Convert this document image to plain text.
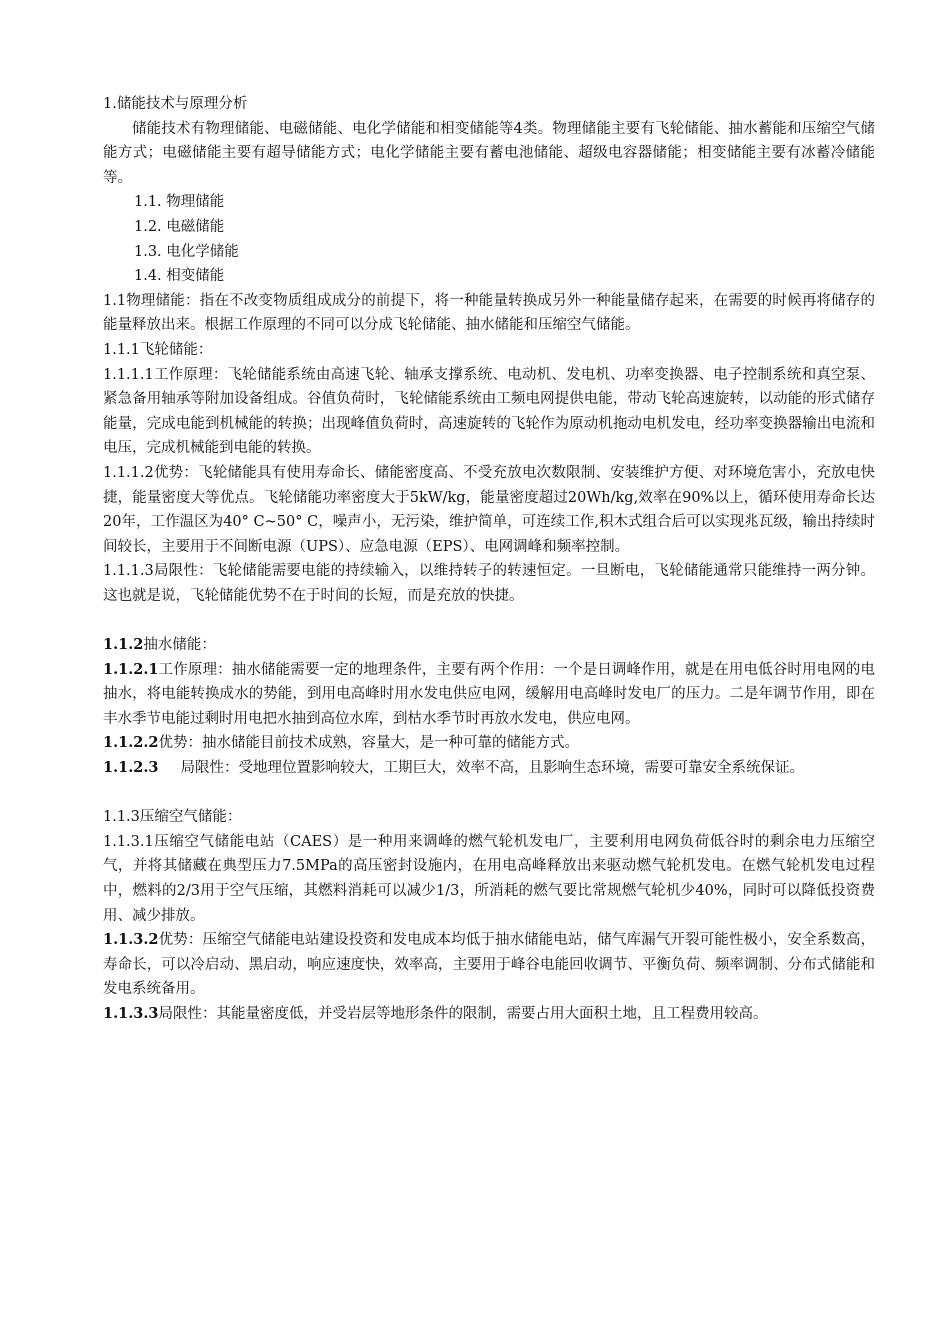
1.储能技术与原理分析

储能技术有物理储能、电磁储能、电化学储能和相变储能等4类。物理储能主要有飞轮储能、抽水蓄能和压缩空气储能方式；电磁储能主要有超导储能方式；电化学储能主要有蓄电池储能、超级电容器储能；相变储能主要有冰蓄冷储能等。

1.1. 物理储能

1.2. 电磁储能

1.3. 电化学储能

1.4. 相变储能

1.1物理储能：指在不改变物质组成成分的前提下，将一种能量转换成另外一种能量储存起来，在需要的时候再将储存的能量释放出来。根据工作原理的不同可以分成飞轮储能、抽水储能和压缩空气储能。

1.1.1飞轮储能：

1.1.1.1工作原理：飞轮储能系统由高速飞轮、轴承支撑系统、电动机、发电机、功率变换器、电子控制系统和真空泵、紧急备用轴承等附加设备组成。谷值负荷时，飞轮储能系统由工频电网提供电能，带动飞轮高速旋转，以动能的形式储存能量，完成电能到机械能的转换；出现峰值负荷时，高速旋转的飞轮作为原动机拖动电机发电，经功率变换器输出电流和电压，完成机械能到电能的转换。

1.1.1.2优势：飞轮储能具有使用寿命长、储能密度高、不受充放电次数限制、安装维护方便、对环境危害小，充放电快捷，能量密度大等优点。飞轮储能功率密度大于5kW/kg，能量密度超过20Wh/kg,效率在90%以上，循环使用寿命长达20年，工作温区为40° C~50° C，噪声小，无污染，维护简单，可连续工作,积木式组合后可以实现兆瓦级，输出持续时间较长，主要用于不间断电源（UPS）、应急电源（EPS）、电网调峰和频率控制。

1.1.1.3局限性：飞轮储能需要电能的持续输入，以维持转子的转速恒定。一旦断电，飞轮储能通常只能维持一两分钟。这也就是说，飞轮储能优势不在于时间的长短，而是充放的快捷。

1.1.2抽水储能：

1.1.2.1工作原理：抽水储能需要一定的地理条件，主要有两个作用：一个是日调峰作用，就是在用电低谷时用电网的电抽水，将电能转换成水的势能，到用电高峰时用水发电供应电网，缓解用电高峰时发电厂的压力。二是年调节作用，即在丰水季节电能过剩时用电把水抽到高位水库，到枯水季节时再放水发电，供应电网。

1.1.2.2优势：抽水储能目前技术成熟，容量大，是一种可靠的储能方式。

1.1.2.3 局限性：受地理位置影响较大，工期巨大，效率不高，且影响生态环境，需要可靠安全系统保证。

1.1.3压缩空气储能：

1.1.3.1压缩空气储能电站（CAES）是一种用来调峰的燃气轮机发电厂，主要利用电网负荷低谷时的剩余电力压缩空气，并将其储藏在典型压力7.5MPa的高压密封设施内，在用电高峰释放出来驱动燃气轮机发电。在燃气轮机发电过程中，燃料的2/3用于空气压缩，其燃料消耗可以减少1/3，所消耗的燃气要比常规燃气轮机少40%，同时可以降低投资费用、减少排放。

1.1.3.2优势：压缩空气储能电站建设投资和发电成本均低于抽水储能电站，储气库漏气开裂可能性极小，安全系数高，寿命长，可以冷启动、黑启动，响应速度快，效率高，主要用于峰谷电能回收调节、平衡负荷、频率调制、分布式储能和发电系统备用。

1.1.3.3局限性：其能量密度低，并受岩层等地形条件的限制，需要占用大面积土地，且工程费用较高。
